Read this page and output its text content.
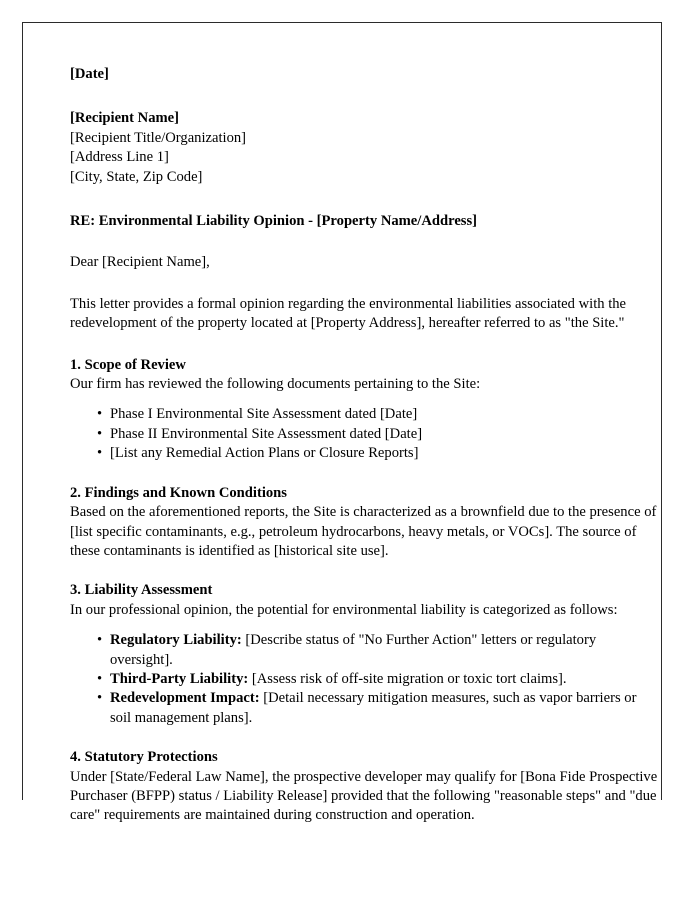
[Date]
[Recipient Name]
[Recipient Title/Organization]
[Address Line 1]
[City, State, Zip Code]
RE: Environmental Liability Opinion - [Property Name/Address]
Dear [Recipient Name],

This letter provides a formal opinion regarding the environmental liabilities associated with the redevelopment of the property located at [Property Address], hereafter referred to as "the Site."

1. Scope of Review

Our firm has reviewed the following documents pertaining to the Site:

• Phase I Environmental Site Assessment dated [Date]
• Phase II Environmental Site Assessment dated [Date]
• [List any Remedial Action Plans or Closure Reports]
2. Findings and Known Conditions

Based on the aforementioned reports, the Site is characterized as a brownfield due to the presence of [list specific contaminants, e.g., petroleum hydrocarbons, heavy metals, or VOCs]. The source of these contaminants is identified as [historical site use].

3. Liability Assessment

In our professional opinion, the potential for environmental liability is categorized as follows:

• Regulatory Liability: [Describe status of "No Further Action" letters or regulatory oversight].
• Third-Party Liability: [Assess risk of off-site migration or toxic tort claims].
• Redevelopment Impact: [Detail necessary mitigation measures, such as vapor barriers or soil management plans].
4. Statutory Protections

Under [State/Federal Law Name], the prospective developer may qualify for [Bona Fide Prospective Purchaser (BFPP) status / Liability Release] provided that the following "reasonable steps" and "due care" requirements are maintained during construction and operation.
